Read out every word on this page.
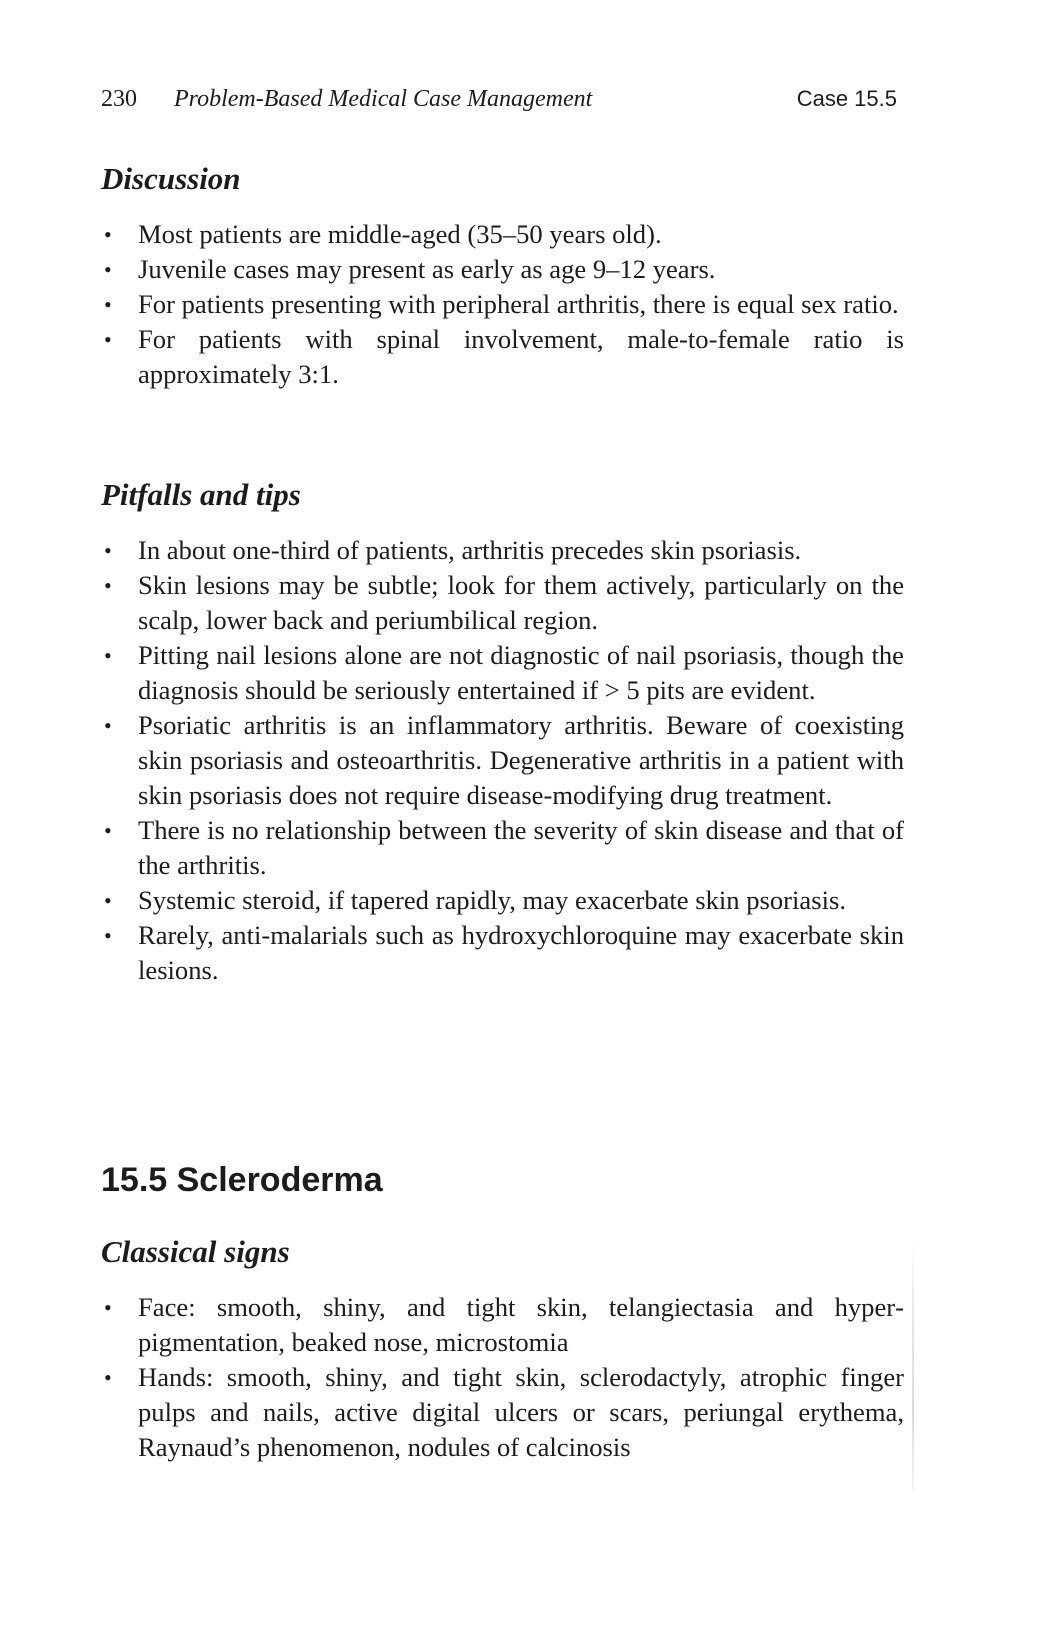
230 Problem-Based Medical Case Management	Case 15.5
Discussion
• Most patients are middle-aged (35–50 years old).
• Juvenile cases may present as early as age 9–12 years.
• For patients presenting with peripheral arthritis, there is equal sex ratio.
• For patients with spinal involvement, male-to-female ratio is approximately 3:1.
Pitfalls and tips
• In about one-third of patients, arthritis precedes skin psoriasis.
• Skin lesions may be subtle; look for them actively, particularly on the scalp, lower back and periumbilical region.
• Pitting nail lesions alone are not diagnostic of nail psoriasis, though the diagnosis should be seriously entertained if > 5 pits are evident.
• Psoriatic arthritis is an inflammatory arthritis. Beware of coexisting skin psoriasis and osteoarthritis. Degenerative arthritis in a patient with skin psoriasis does not require disease-modifying drug treatment.
• There is no relationship between the severity of skin disease and that of the arthritis.
• Systemic steroid, if tapered rapidly, may exacerbate skin psoriasis.
• Rarely, anti-malarials such as hydroxychloroquine may exacerbate skin lesions.
15.5 Scleroderma
Classical signs
• Face: smooth, shiny, and tight skin, telangiectasia and hyperpigmentation, beaked nose, microstomia
• Hands: smooth, shiny, and tight skin, sclerodactyly, atrophic finger pulps and nails, active digital ulcers or scars, periungal erythema, Raynaud’s phenomenon, nodules of calcinosis
